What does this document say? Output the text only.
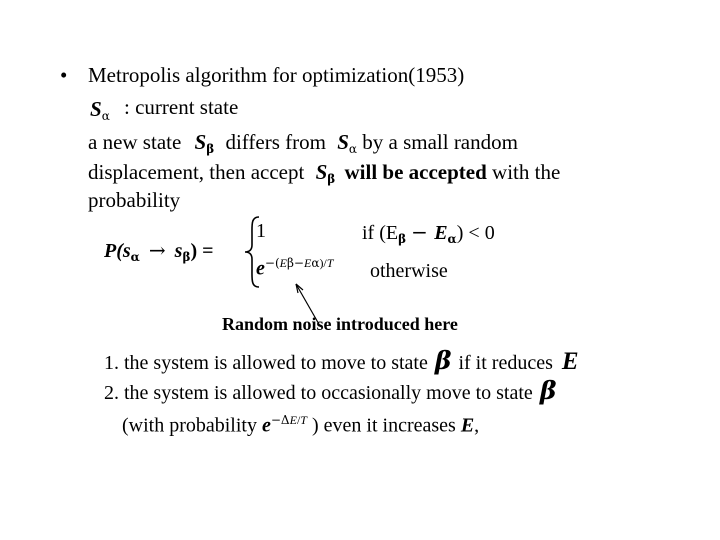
• Metropolis algorithm for optimization(1953)
$S_\alpha$ : current state
a new state $S_\beta$ differs from $S_\alpha$ by a small random
displacement, then accept $S_\beta$ will be accepted with the
probability
$P(s_\alpha \to s_\beta)$ =
1	if $(E_\beta - E_\alpha) < 0$
$e^{-(E\beta-E\alpha)/T}$ otherwise
Random noise introduced here
1. the system is allowed to move to state β if it reduces E
2. the system is allowed to occasionally move to state β
(with probability $e^{-\Delta E/T}$ ) even it increases E,
